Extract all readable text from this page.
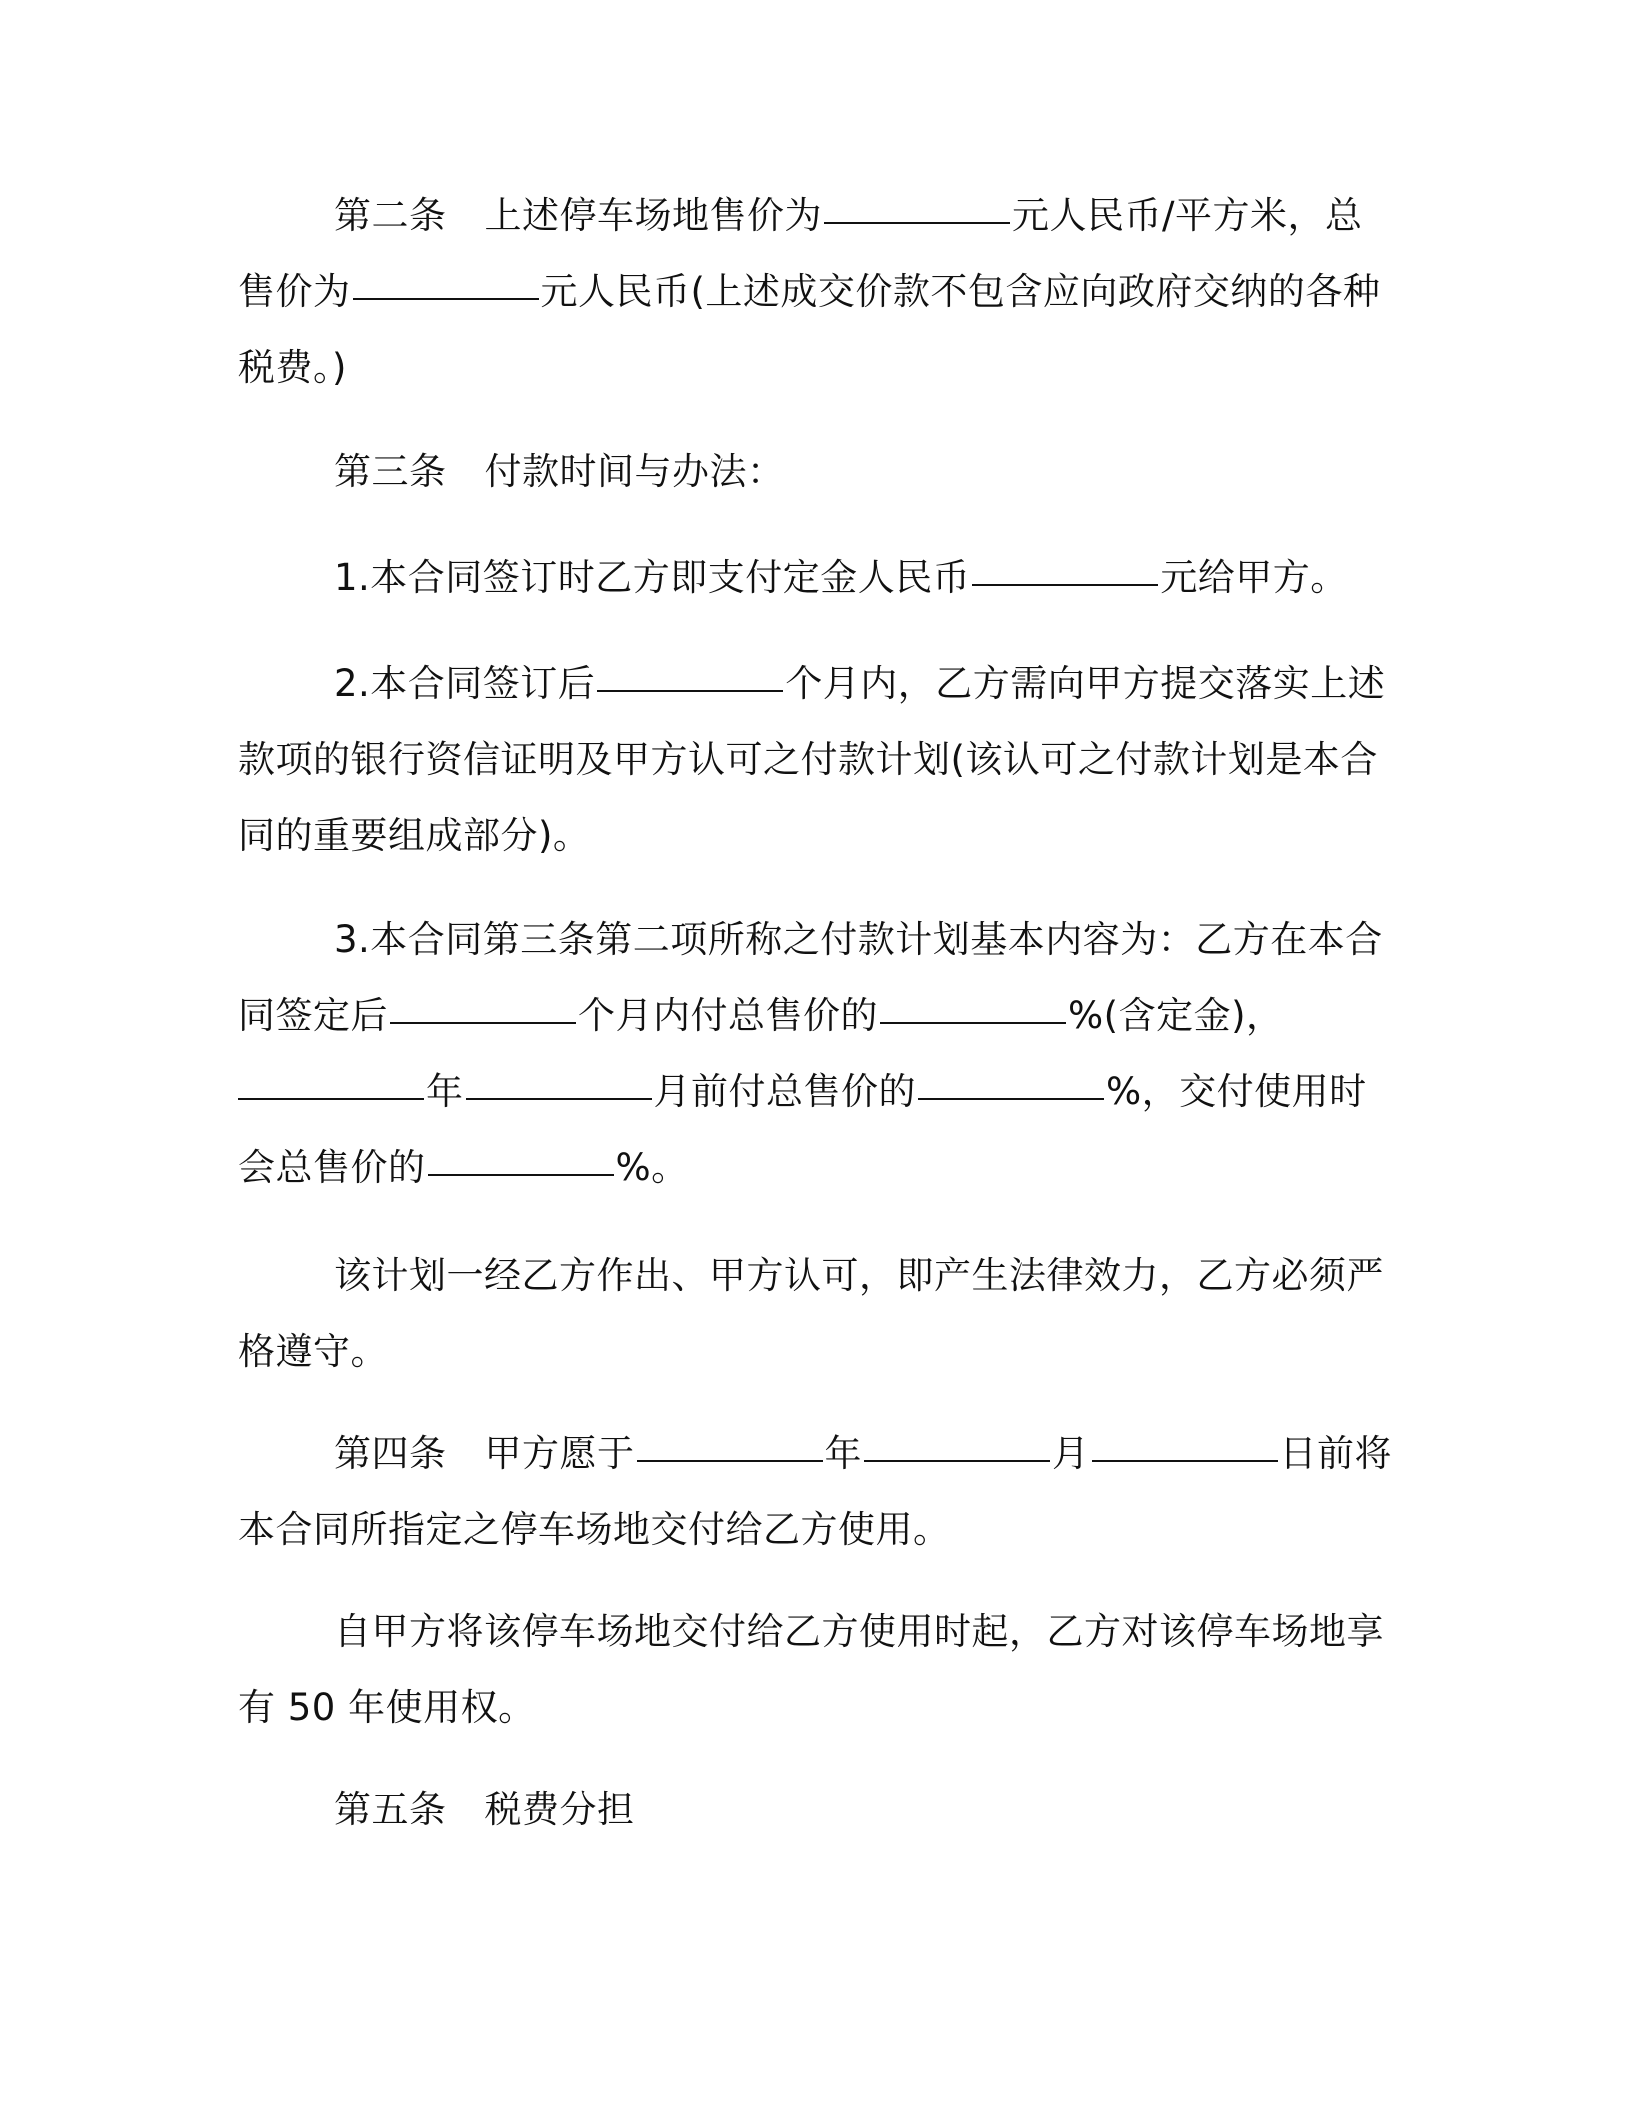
第二条 上述停车场地售价为	元人民币/平方米，总
售价为	元人民币(上述成交价款不包含应向政府交纳的各种
税费。)
第三条 付款时间与办法：
1.本合同签订时乙方即支付定金人民币	元给甲方。
2.本合同签订后	个月内，乙方需向甲方提交落实上述
款项的银行资信证明及甲方认可之付款计划(该认可之付款计划是本合
同的重要组成部分)。
3.本合同第三条第二项所称之付款计划基本内容为：乙方在本合
同签定后	个月内付总售价的	%(含定金)，
年	月前付总售价的	%，交付使用时
会总售价的	%。
该计划一经乙方作出、甲方认可，即产生法律效力，乙方必须严
格遵守。
第四条 甲方愿于	年	月	日前将
本合同所指定之停车场地交付给乙方使用。
自甲方将该停车场地交付给乙方使用时起，乙方对该停车场地享
有 50 年使用权。
第五条 税费分担
